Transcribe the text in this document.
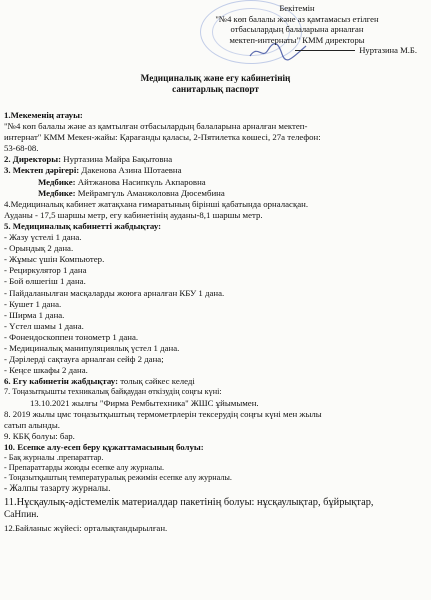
Бекітемін
"№4 көп балалы және аз қамтамасыз етілген
отбасылардың балаларына арналған
мектеп-интернаты" КММ директоры
Нуртазина М.Б.
Медициналық және егу кабинетінің
санитарлық паспорт
1.Мекеменің атауы:
"№4 көп балалы және аз қамтылған отбасылардың балаларына арналған мектеп-
интернат" КММ Мекен-жайы: Қарағанды қаласы, 2-Пятилетка көшесі, 27а телефон:
53-68-08.
2. Директоры: Нуртазина Майра Бақытовна
3. Мектеп дәрігері: Дакенова Азина Шотаевна
Медбике: Айтжанова Насипкүль Акпаровна
Медбике: Мейрамгүль Аманжоловна Дюсембина
4.Медициналық кабинет жатақхана ғимаратының бірінші қабатында орналасқан.
Ауданы - 17,5 шаршы метр, егу кабинетінің ауданы-8,1 шаршы метр.
5. Медициналық кабинетті жабдықтау:
- Жазу үстелі 1 дана.
- Орындық 2 дана.
- Жұмыс үшін Компьютер.
- Рециркулятор 1 дана
- Бой өлшегіш 1 дана.
- Пайдаланылған масқаларды жоюға арналған КБУ 1 дана.
- Кушет 1 дана.
- Ширма 1 дана.
- Үстел шамы 1 дана.
- Фонендоскоппен тонометр 1 дана.
- Медициналық манипуляциялық үстел 1 дана.
- Дәрілерді сақтауға арналған сейф 2 дана;
- Кеңсе шкафы 2 дана.
6. Егу кабинетін жабдықтау: толық сәйкес келеді
7. Тоңазытқышты техникалық байқаудан өткізудің соңғы күні:
13.10.2021 жылғы "Фирма Рембытехника" ЖШС ұйымымен.
8. 2019 жылы цмс тоңазытқыштың термометрлерін тексерудің соңғы күні мен жылы
сатып алынды.
9. КБҚ болуы: бар.
10. Есепке алу-есеп беру құжаттамасының болуы:
- Бақ журналы .препараттар.
- Препараттарды жоюды есепке алу журналы.
- Тоңазытқыштың температуралық режимін есепке алу журналы.
- Жалпы тазарту журналы.
11.Нұсқаулық-әдістемелік материалдар пакетінің болуы: нұсқаулықтар, бұйрықтар,
СаНпин.
12.Байланыс жүйесі: орталықтандырылған.
